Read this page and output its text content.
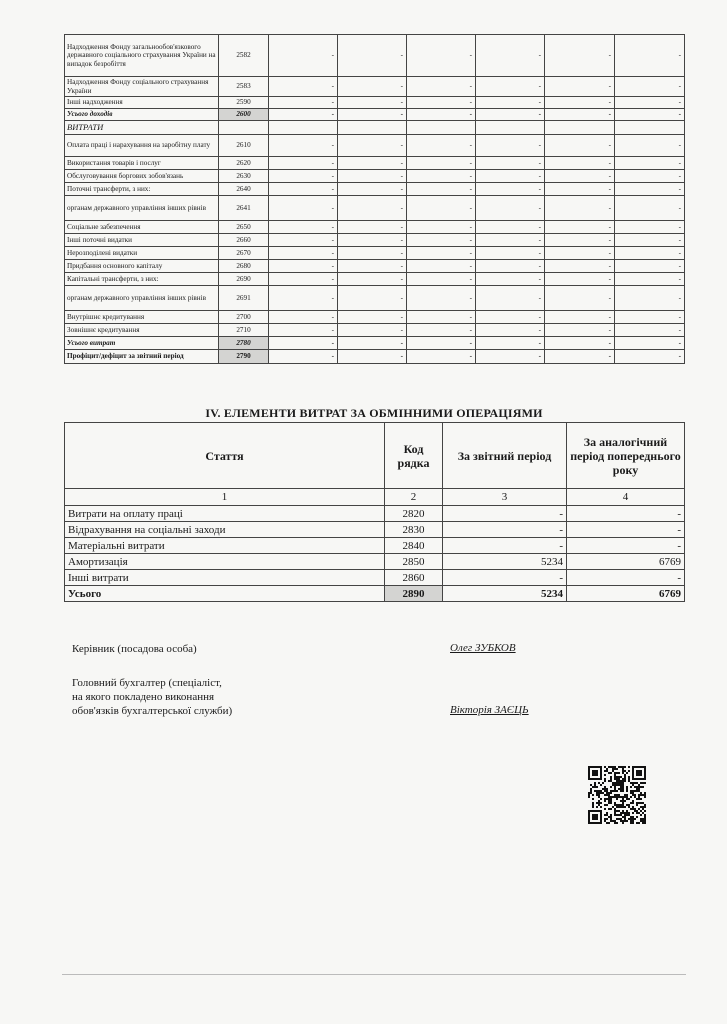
Надходження Фонду загальнообов'язкового державного соціального страхування України на випадок безробіття	2582	-	-	-	-	-	-
Надходження Фонду соціального страхування України	2583	-	-	-	-	-	-
Інші надходження	2590	-	-	-	-	-	-
Усього доходів	2600	-	-	-	-	-	-
ВИТРАТИ							
Оплата праці і нарахування на заробітну плату	2610	-	-	-	-	-	-
Використання товарів і послуг	2620	-	-	-	-	-	-
Обслуговування боргових зобов'язань	2630	-	-	-	-	-	-
Поточні трансферти, з них:	2640	-	-	-	-	-	-
органам державного управління інших рівнів	2641	-	-	-	-	-	-
Соціальне забезпечення	2650	-	-	-	-	-	-
Інші поточні видатки	2660	-	-	-	-	-	-
Нерозподілені видатки	2670	-	-	-	-	-	-
Придбання основного капіталу	2680	-	-	-	-	-	-
Капітальні трансферти, з них:	2690	-	-	-	-	-	-
органам державного управління інших рівнів	2691	-	-	-	-	-	-
Внутрішнє кредитування	2700	-	-	-	-	-	-
Зовнішнє кредитування	2710	-	-	-	-	-	-
Усього витрат	2780	-	-	-	-	-	-
Профіцит/дефіцит за звітний період	2790	-	-	-	-	-	-
IV. ЕЛЕМЕНТИ ВИТРАТ ЗА ОБМІННИМИ ОПЕРАЦІЯМИ
Стаття	Код рядка	За звітний період	За аналогічний період попереднього року
1	2	3	4
Витрати на оплату праці	2820	-	-
Відрахування на соціальні заходи	2830	-	-
Матеріальні витрати	2840	-	-
Амортизація	2850	5234	6769
Інші витрати	2860	-	-
Усього	2890	5234	6769
Керівник (посадова особа)	Олег ЗУБКОВ
Головний бухгалтер (спеціаліст,
на якого покладено виконання
обов'язків бухгалтерської служби)	Вікторія ЗАЄЦЬ
